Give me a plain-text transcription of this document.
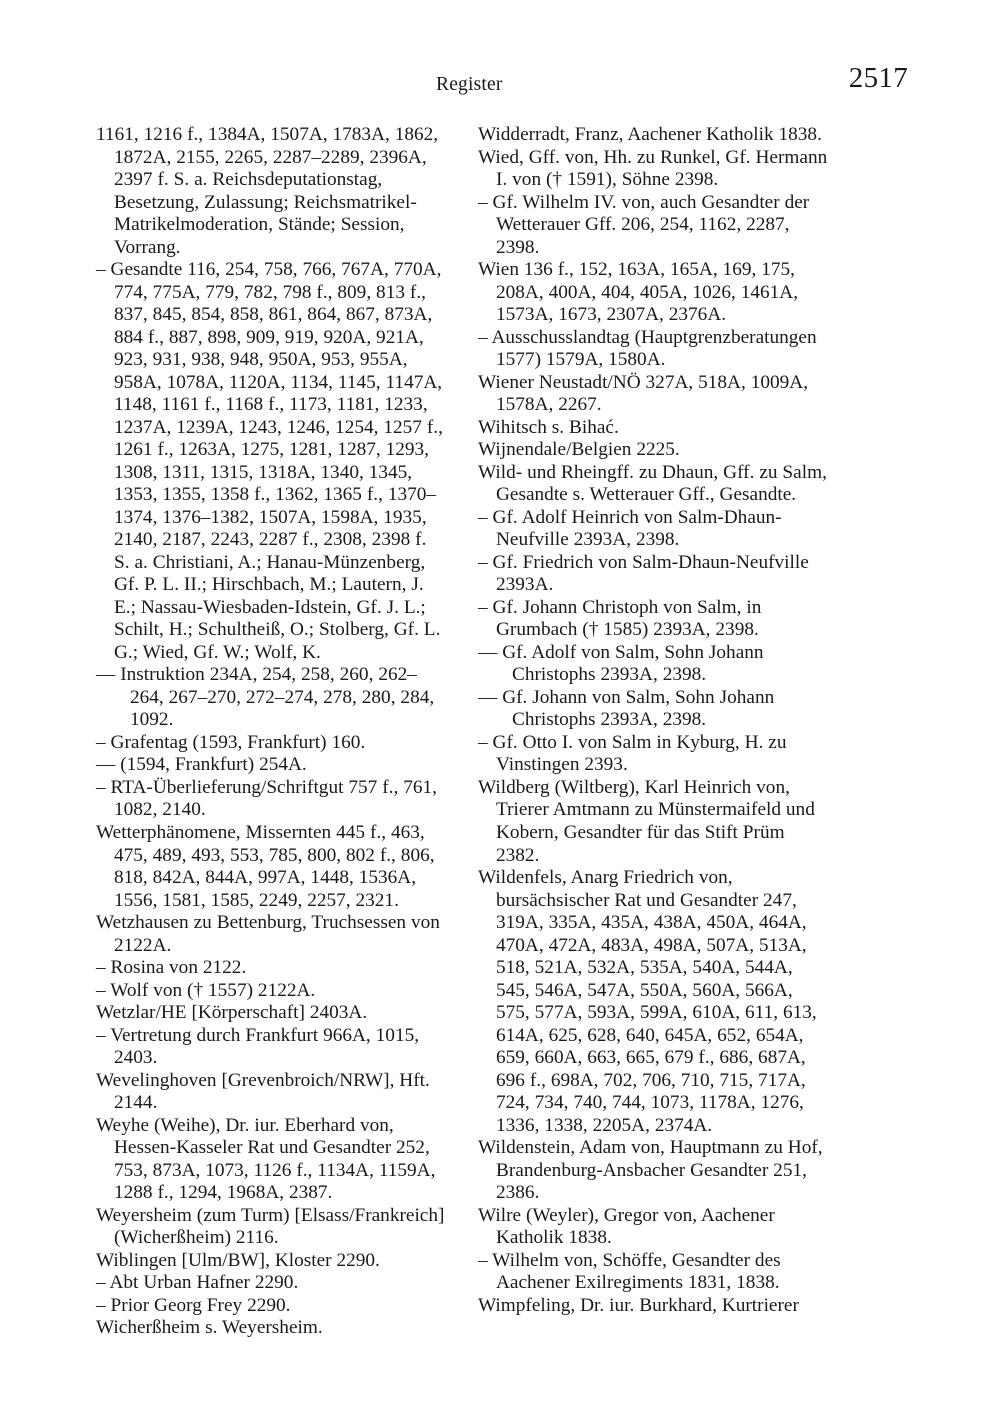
Register	2517

1161, 1216 f., 1384A, 1507A, 1783A, 1862, 1872A, 2155, 2265, 2287–2289, 2396A, 2397 f. S. a. Reichsdeputationstag, Besetzung, Zulassung; Reichsmatrikel-Matrikelmoderation, Stände; Session, Vorrang.

– Gesandte 116, 254, 758, 766, 767A, 770A, 774, 775A, 779, 782, 798 f., 809, 813 f., 837, 845, 854, 858, 861, 864, 867, 873A, 884 f., 887, 898, 909, 919, 920A, 921A, 923, 931, 938, 948, 950A, 953, 955A, 958A, 1078A, 1120A, 1134, 1145, 1147A, 1148, 1161 f., 1168 f., 1173, 1181, 1233, 1237A, 1239A, 1243, 1246, 1254, 1257 f., 1261 f., 1263A, 1275, 1281, 1287, 1293, 1308, 1311, 1315, 1318A, 1340, 1345, 1353, 1355, 1358 f., 1362, 1365 f., 1370–1374, 1376–1382, 1507A, 1598A, 1935, 2140, 2187, 2243, 2287 f., 2308, 2398 f. S. a. Christiani, A.; Hanau-Münzenberg, Gf. P. L. II.; Hirschbach, M.; Lautern, J. E.; Nassau-Wiesbaden-Idstein, Gf. J. L.; Schilt, H.; Schultheiß, O.; Stolberg, Gf. L. G.; Wied, Gf. W.; Wolf, K.

–– Instruktion 234A, 254, 258, 260, 262–264, 267–270, 272–274, 278, 280, 284, 1092.

– Grafentag (1593, Frankfurt) 160.

–– (1594, Frankfurt) 254A.

– RTA-Überlieferung/Schriftgut 757 f., 761, 1082, 2140.

Wetterphänomene, Missernten 445 f., 463, 475, 489, 493, 553, 785, 800, 802 f., 806, 818, 842A, 844A, 997A, 1448, 1536A, 1556, 1581, 1585, 2249, 2257, 2321.

Wetzhausen zu Bettenburg, Truchsessen von 2122A.

– Rosina von 2122.

– Wolf von († 1557) 2122A.

Wetzlar/HE [Körperschaft] 2403A.

– Vertretung durch Frankfurt 966A, 1015, 2403.

Wevelinghoven [Grevenbroich/NRW], Hft. 2144.

Weyhe (Weihe), Dr. iur. Eberhard von, Hessen-Kasseler Rat und Gesandter 252, 753, 873A, 1073, 1126 f., 1134A, 1159A, 1288 f., 1294, 1968A, 2387.

Weyersheim (zum Turm) [Elsass/Frankreich] (Wicherßheim) 2116.

Wiblingen [Ulm/BW], Kloster 2290.

– Abt Urban Hafner 2290.

– Prior Georg Frey 2290.

Wicherßheim s. Weyersheim.

Widderradt, Franz, Aachener Katholik 1838.

Wied, Gff. von, Hh. zu Runkel, Gf. Hermann I. von († 1591), Söhne 2398.

– Gf. Wilhelm IV. von, auch Gesandter der Wetterauer Gff. 206, 254, 1162, 2287, 2398.

Wien 136 f., 152, 163A, 165A, 169, 175, 208A, 400A, 404, 405A, 1026, 1461A, 1573A, 1673, 2307A, 2376A.

– Ausschusslandtag (Hauptgrenzberatungen 1577) 1579A, 1580A.

Wiener Neustadt/NÖ 327A, 518A, 1009A, 1578A, 2267.

Wihitsch s. Bihać.

Wijnendale/Belgien 2225.

Wild- und Rheingff. zu Dhaun, Gff. zu Salm, Gesandte s. Wetterauer Gff., Gesandte.

– Gf. Adolf Heinrich von Salm-Dhaun-Neufville 2393A, 2398.

– Gf. Friedrich von Salm-Dhaun-Neufville 2393A.

– Gf. Johann Christoph von Salm, in Grumbach († 1585) 2393A, 2398.

–– Gf. Adolf von Salm, Sohn Johann Christophs 2393A, 2398.

–– Gf. Johann von Salm, Sohn Johann Christophs 2393A, 2398.

– Gf. Otto I. von Salm in Kyburg, H. zu Vinstingen 2393.

Wildberg (Wiltberg), Karl Heinrich von, Trierer Amtmann zu Münstermaifeld und Kobern, Gesandter für das Stift Prüm 2382.

Wildenfels, Anarg Friedrich von, bursächsischer Rat und Gesandter 247, 319A, 335A, 435A, 438A, 450A, 464A, 470A, 472A, 483A, 498A, 507A, 513A, 518, 521A, 532A, 535A, 540A, 544A, 545, 546A, 547A, 550A, 560A, 566A, 575, 577A, 593A, 599A, 610A, 611, 613, 614A, 625, 628, 640, 645A, 652, 654A, 659, 660A, 663, 665, 679 f., 686, 687A, 696 f., 698A, 702, 706, 710, 715, 717A, 724, 734, 740, 744, 1073, 1178A, 1276, 1336, 1338, 2205A, 2374A.

Wildenstein, Adam von, Hauptmann zu Hof, Brandenburg-Ansbacher Gesandter 251, 2386.

Wilre (Weyler), Gregor von, Aachener Katholik 1838.

– Wilhelm von, Schöffe, Gesandter des Aachener Exilregiments 1831, 1838.

Wimpfeling, Dr. iur. Burkhard, Kurtrierer
